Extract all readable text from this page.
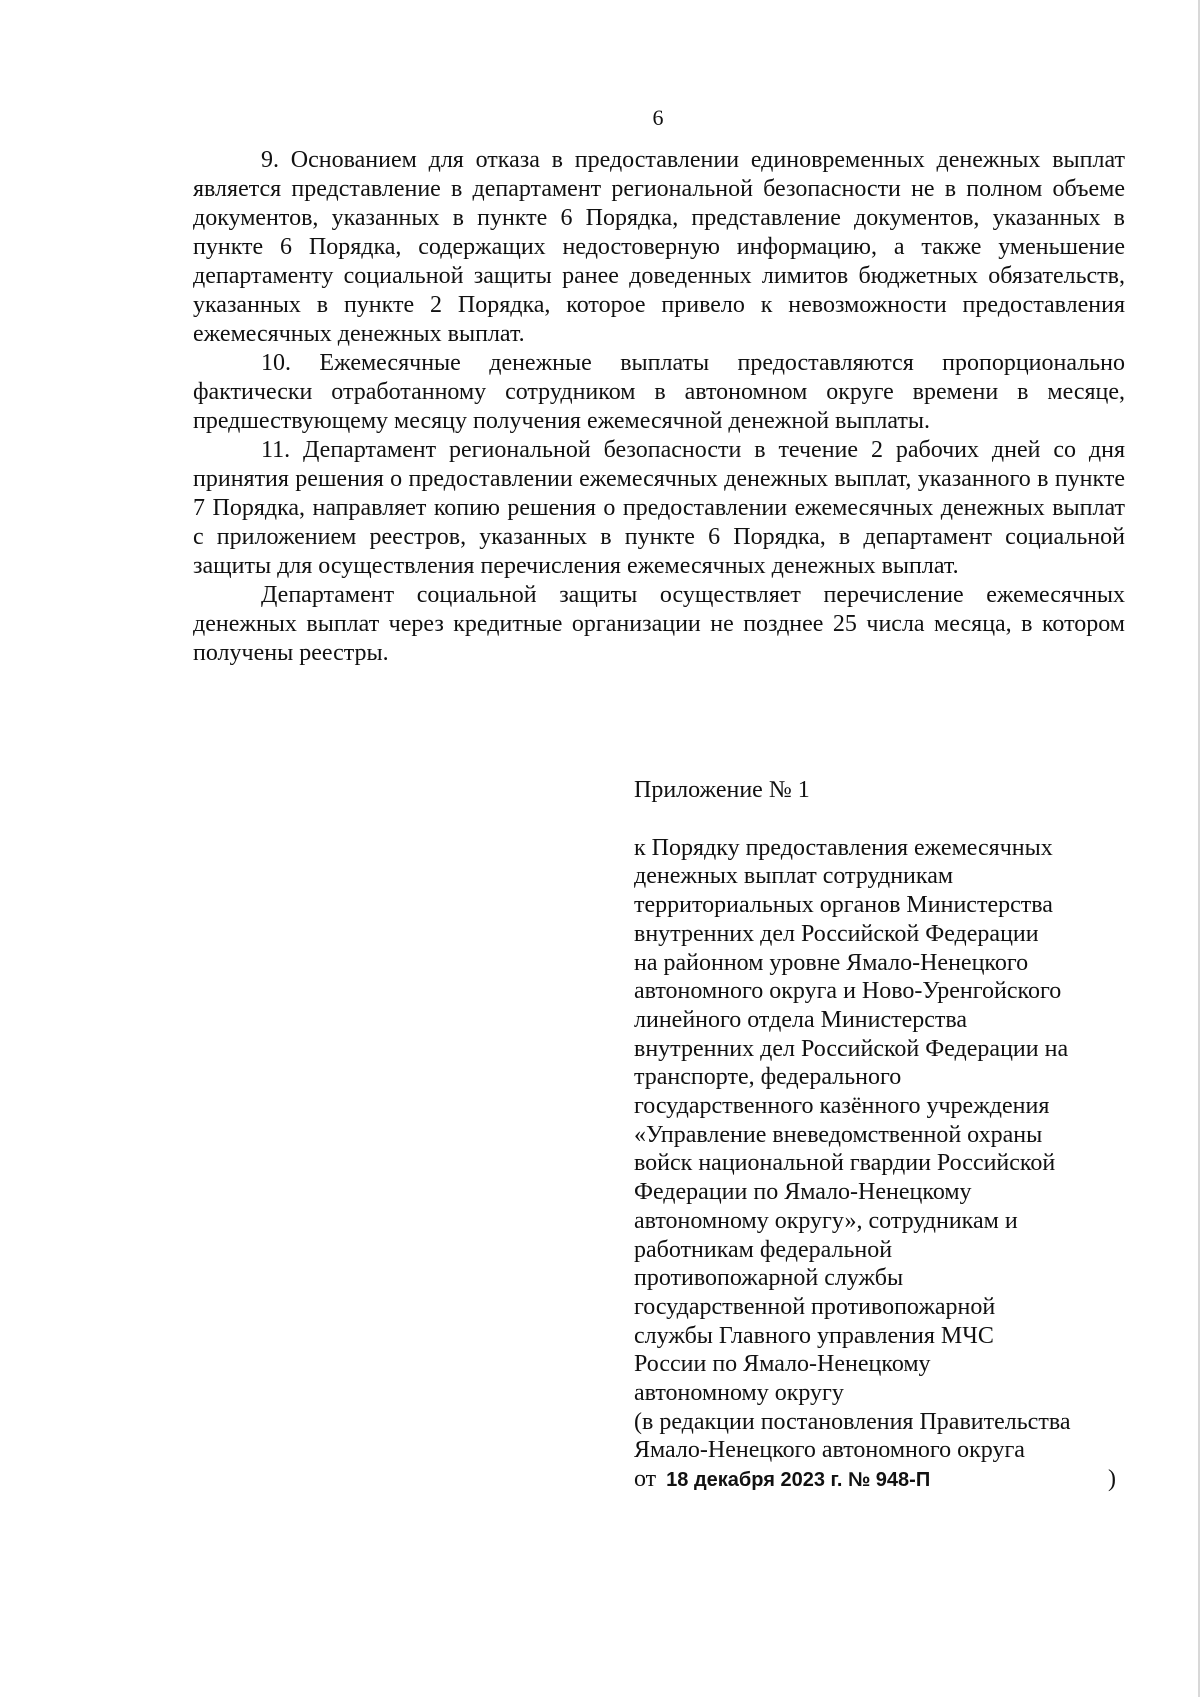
6

9. Основанием для отказа в предоставлении единовременных денежных выплат является представление в департамент региональной безопасности не в полном объеме документов, указанных в пункте 6 Порядка, представление документов, указанных в пункте 6 Порядка, содержащих недостоверную информацию, а также уменьшение департаменту социальной защиты ранее доведенных лимитов бюджетных обязательств, указанных в пункте 2 Порядка, которое привело к невозможности предоставления ежемесячных денежных выплат.

10. Ежемесячные денежные выплаты предоставляются пропорционально фактически отработанному сотрудником в автономном округе времени в месяце, предшествующему месяцу получения ежемесячной денежной выплаты.

11. Департамент региональной безопасности в течение 2 рабочих дней со дня принятия решения о предоставлении ежемесячных денежных выплат, указанного в пункте 7 Порядка, направляет копию решения о предоставлении ежемесячных денежных выплат с приложением реестров, указанных в пункте 6 Порядка, в департамент социальной защиты для осуществления перечисления ежемесячных денежных выплат.

Департамент социальной защиты осуществляет перечисление ежемесячных денежных выплат через кредитные организации не позднее 25 числа месяца, в котором получены реестры.

Приложение № 1

к Порядку предоставления ежемесячных
денежных выплат сотрудникам
территориальных органов Министерства
внутренних дел Российской Федерации
на районном уровне Ямало-Ненецкого
автономного округа и Ново-Уренгойского
линейного отдела Министерства
внутренних дел Российской Федерации на
транспорте, федерального
государственного казённого учреждения
«Управление вневедомственной охраны
войск национальной гвардии Российской
Федерации по Ямало-Ненецкому
автономному округу», сотрудникам и
работникам федеральной
противопожарной службы
государственной противопожарной
службы Главного управления МЧС
России по Ямало-Ненецкому
автономному округу

(в редакции постановления Правительства
Ямало-Ненецкого автономного округа

от 18 декабря 2023 г. № 948-П	)
